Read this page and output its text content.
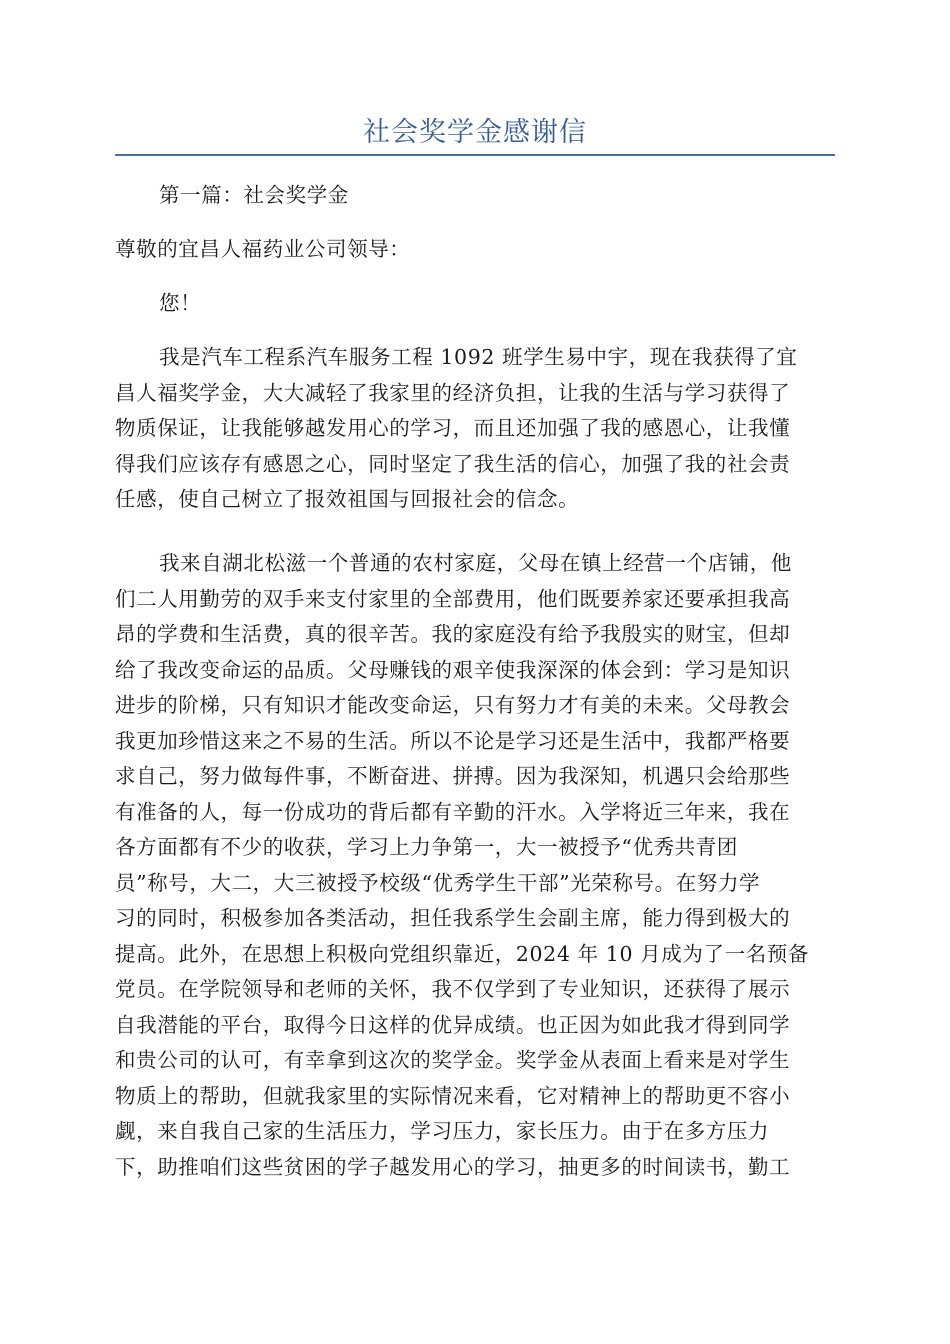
社会奖学金感谢信

第一篇：社会奖学金

尊敬的宜昌人福药业公司领导：

您！

我是汽车工程系汽车服务工程 1092 班学生易中宇，现在我获得了宜
昌人福奖学金，大大减轻了我家里的经济负担，让我的生活与学习获得了
物质保证，让我能够越发用心的学习，而且还加强了我的感恩心，让我懂
得我们应该存有感恩之心，同时坚定了我生活的信心，加强了我的社会责
任感，使自己树立了报效祖国与回报社会的信念。
我来自湖北松滋一个普通的农村家庭，父母在镇上经营一个店铺，他
们二人用勤劳的双手来支付家里的全部费用，他们既要养家还要承担我高
昂的学费和生活费，真的很辛苦。我的家庭没有给予我殷实的财宝，但却
给了我改变命运的品质。父母赚钱的艰辛使我深深的体会到：学习是知识
进步的阶梯，只有知识才能改变命运，只有努力才有美的未来。父母教会
我更加珍惜这来之不易的生活。所以不论是学习还是生活中，我都严格要
求自己，努力做每件事，不断奋进、拼搏。因为我深知，机遇只会给那些
有准备的人，每一份成功的背后都有辛勤的汗水。入学将近三年来，我在
各方面都有不少的收获，学习上力争第一，大一被授予“优秀共青团
员”称号，大二，大三被授予校级“优秀学生干部”光荣称号。在努力学
习的同时，积极参加各类活动，担任我系学生会副主席，能力得到极大的
提高。此外，在思想上积极向党组织靠近，2024 年 10 月成为了一名预备
党员。在学院领导和老师的关怀，我不仅学到了专业知识，还获得了展示
自我潜能的平台，取得今日这样的优异成绩。也正因为如此我才得到同学
和贵公司的认可，有幸拿到这次的奖学金。奖学金从表面上看来是对学生
物质上的帮助，但就我家里的实际情况来看，它对精神上的帮助更不容小
觑，来自我自己家的生活压力，学习压力，家长压力。由于在多方压力
下，助推咱们这些贫困的学子越发用心的学习，抽更多的时间读书，勤工
